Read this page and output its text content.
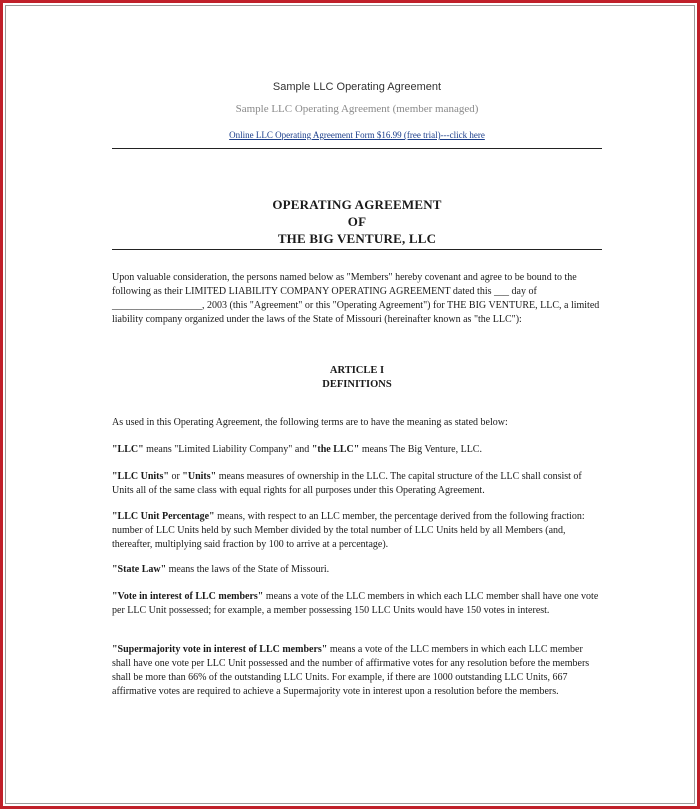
Sample LLC Operating Agreement
Sample LLC Operating Agreement (member managed)
Online LLC Operating Agreement Form $16.99 (free trial)---click here
OPERATING AGREEMENT
OF
THE BIG VENTURE, LLC
Upon valuable consideration, the persons named below as "Members" hereby covenant and agree to be bound to the following as their LIMITED LIABILITY COMPANY OPERATING AGREEMENT dated this ___ day of __________________, 2003 (this "Agreement" or this "Operating Agreement") for THE BIG VENTURE, LLC, a limited liability company organized under the laws of the State of Missouri (hereinafter known as "the LLC"):
ARTICLE I
DEFINITIONS
As used in this Operating Agreement, the following terms are to have the meaning as stated below:
"LLC" means "Limited Liability Company" and "the LLC" means The Big Venture, LLC.
"LLC Units" or "Units" means measures of ownership in the LLC. The capital structure of the LLC shall consist of Units all of the same class with equal rights for all purposes under this Operating Agreement.
"LLC Unit Percentage" means, with respect to an LLC member, the percentage derived from the following fraction: number of LLC Units held by such Member divided by the total number of LLC Units held by all Members (and, thereafter, multiplying said fraction by 100 to arrive at a percentage).
"State Law" means the laws of the State of Missouri.
"Vote in interest of LLC members" means a vote of the LLC members in which each LLC member shall have one vote per LLC Unit possessed; for example, a member possessing 150 LLC Units would have 150 votes in interest.
"Supermajority vote in interest of LLC members" means a vote of the LLC members in which each LLC member shall have one vote per LLC Unit possessed and the number of affirmative votes for any resolution before the members shall be more than 66% of the outstanding LLC Units. For example, if there are 1000 outstanding LLC Units, 667 affirmative votes are required to achieve a Supermajority vote in interest upon a resolution before the members.
